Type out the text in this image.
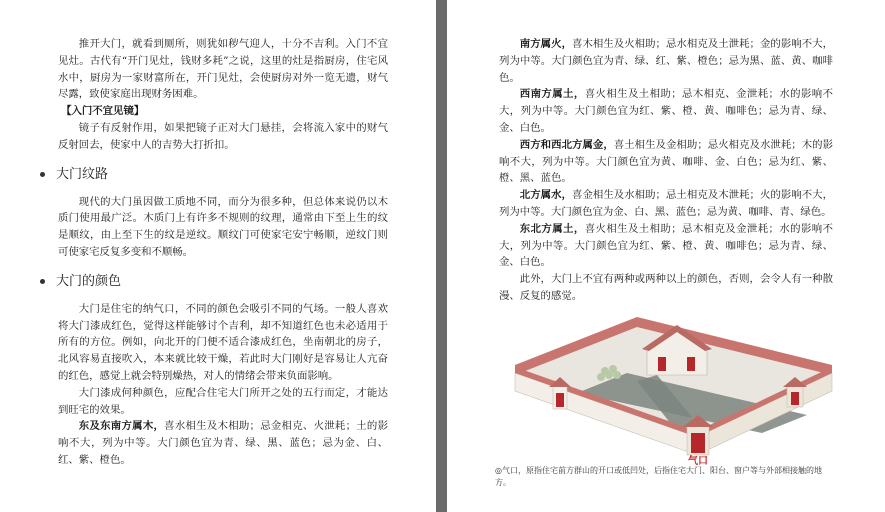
推开大门，就看到厕所，则犹如秽气迎人，十分不吉利。入门不宜见灶。古代有“开门见灶，钱财多耗”之说，这里的灶是指厨房，住宅风水中，厨房为一家财富所在，开门见灶，会使厨房对外一览无遗，财气尽露，致使家庭出现财务困难。

【入门不宜见镜】

镜子有反射作用，如果把镜子正对大门悬挂，会将流入家中的财气反射回去，使家中人的吉势大打折扣。

大门纹路

现代的大门虽因做工质地不同，而分为很多种，但总体来说仍以木质门使用最广泛。木质门上有许多不规则的纹理，通常由下至上生的纹是顺纹，由上至下生的纹是逆纹。顺纹门可使家宅安宁畅顺，逆纹门则可使家宅反复多变和不顺畅。

大门的颜色

大门是住宅的纳气口，不同的颜色会吸引不同的气场。一般人喜欢将大门漆成红色，觉得这样能够讨个吉利，却不知道红色也未必适用于所有的方位。例如，向北开的门便不适合漆成红色，坐南朝北的房子，北风容易直接吹入，本来就比较干燥，若此时大门刚好是容易让人亢奋的红色，感觉上就会特别燥热，对人的情绪会带来负面影响。

大门漆成何种颜色，应配合住宅大门所开之处的五行而定，才能达到旺宅的效果。

东及东南方属木，喜水相生及木相助；忌金相克、火泄耗；土的影响不大，列为中等。大门颜色宜为青、绿、黑、蓝色；忌为金、白、红、紫、橙色。

南方属火，喜木相生及火相助；忌水相克及土泄耗；金的影响不大，列为中等。大门颜色宜为青、绿、红、紫、橙色；忌为黑、蓝、黄、咖啡色。

西南方属土，喜火相生及土相助；忌木相克、金泄耗；水的影响不大，列为中等。大门颜色宜为红、紫、橙、黄、咖啡色；忌为青、绿、金、白色。

西方和西北方属金，喜土相生及金相助；忌火相克及水泄耗；木的影响不大，列为中等。大门颜色宜为黄、咖啡、金、白色；忌为红、紫、橙、黑、蓝色。

北方属水，喜金相生及水相助；忌土相克及木泄耗；火的影响不大，列为中等。大门颜色宜为金、白、黑、蓝色；忌为黄、咖啡、青、绿色。

东北方属土，喜火相生及土相助；忌木相克及金泄耗；水的影响不大，列为中等。大门颜色宜为红、紫、橙、黄、咖啡色；忌为青、绿、金、白色。

此外，大门上不宜有两种或两种以上的颜色，否则，会令人有一种散漫、反复的感觉。

气口
◎气口，原指住宅前方群山的开口或低凹处，后指住宅大门、阳台、窗户等与外部相接触的地方。
